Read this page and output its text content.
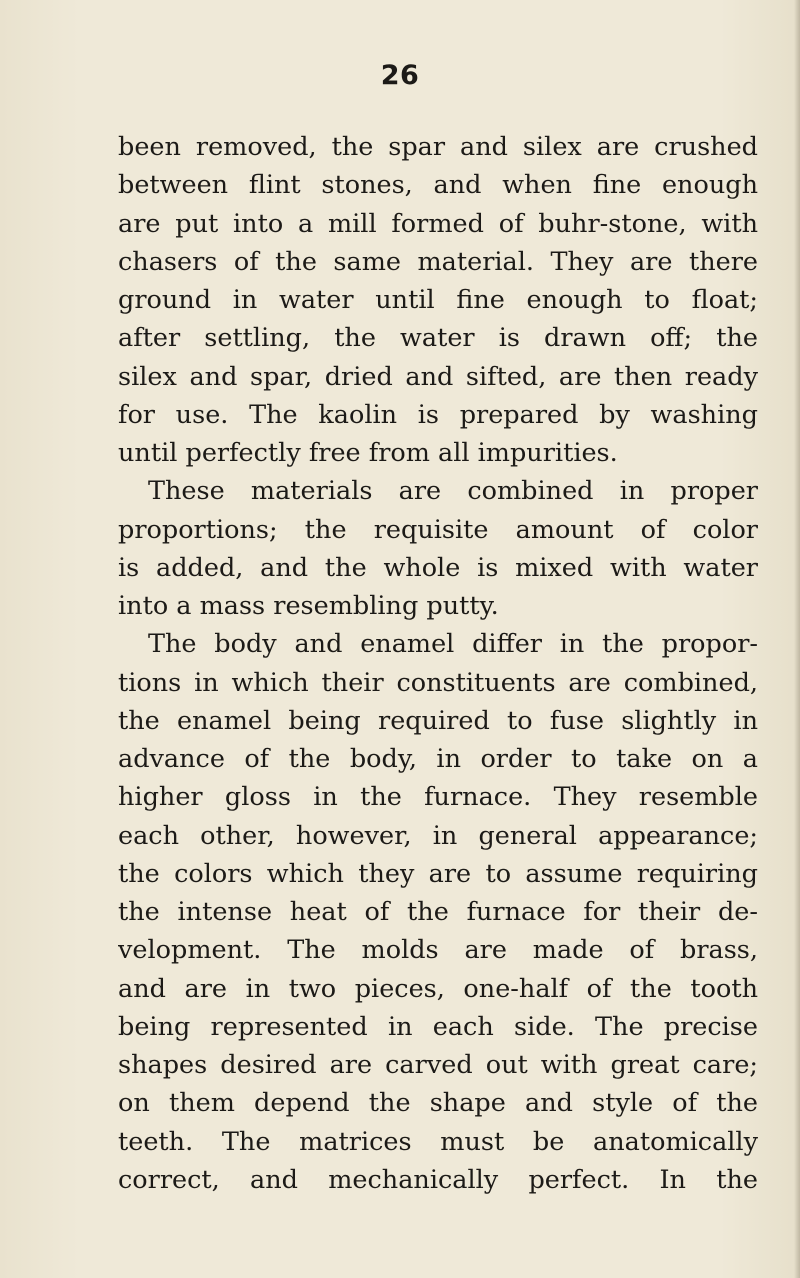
26
been removed, the spar and silex are crushed
between flint stones, and when fine enough
are put into a mill formed of buhr-stone, with
chasers of the same material. They are there
ground in water until fine enough to float;
after settling, the water is drawn off; the
silex and spar, dried and sifted, are then ready
for use. The kaolin is prepared by washing
until perfectly free from all impurities.
These materials are combined in proper
proportions; the requisite amount of color
is added, and the whole is mixed with water
into a mass resembling putty.
The body and enamel differ in the propor-
tions in which their constituents are combined,
the enamel being required to fuse slightly in
advance of the body, in order to take on a
higher gloss in the furnace. They resemble
each other, however, in general appearance;
the colors which they are to assume requiring
the intense heat of the furnace for their de-
velopment. The molds are made of brass,
and are in two pieces, one-half of the tooth
being represented in each side. The precise
shapes desired are carved out with great care;
on them depend the shape and style of the
teeth. The matrices must be anatomically
correct, and mechanically perfect. In the
